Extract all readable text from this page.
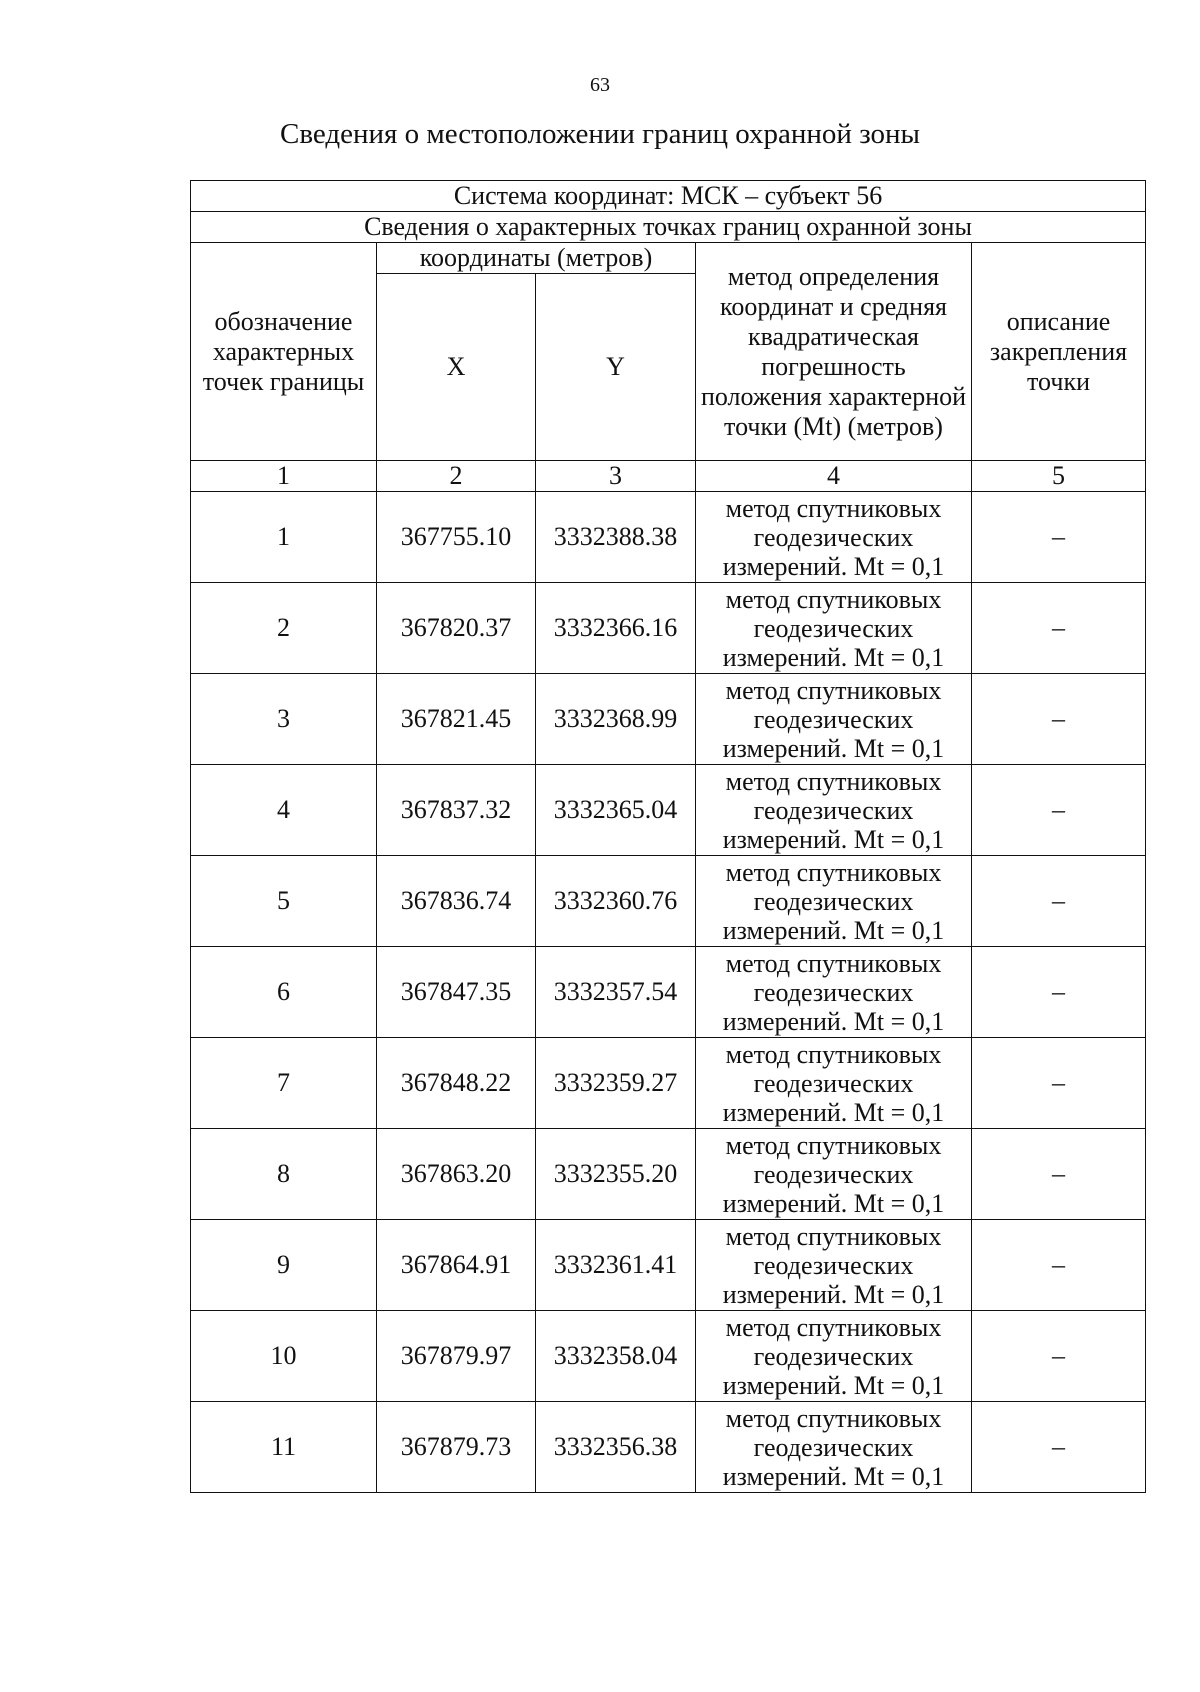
63
Сведения о местоположении границ охранной зоны
Система координат: МСК – субъект 56				
Сведения о характерных точках границ охранной зоны				
обозначение характерных точек границы	координаты (метров)		метод определения координат и средняя квадратическая погрешность положения характерной точки (Mt) (метров)	описание закрепления точки
	X	Y		
1	2	3	4	5
1	367755.10	3332388.38	метод спутниковых геодезических измерений. Mt = 0,1	–
2	367820.37	3332366.16	метод спутниковых геодезических измерений. Mt = 0,1	–
3	367821.45	3332368.99	метод спутниковых геодезических измерений. Mt = 0,1	–
4	367837.32	3332365.04	метод спутниковых геодезических измерений. Mt = 0,1	–
5	367836.74	3332360.76	метод спутниковых геодезических измерений. Mt = 0,1	–
6	367847.35	3332357.54	метод спутниковых геодезических измерений. Mt = 0,1	–
7	367848.22	3332359.27	метод спутниковых геодезических измерений. Mt = 0,1	–
8	367863.20	3332355.20	метод спутниковых геодезических измерений. Mt = 0,1	–
9	367864.91	3332361.41	метод спутниковых геодезических измерений. Mt = 0,1	–
10	367879.97	3332358.04	метод спутниковых геодезических измерений. Mt = 0,1	–
11	367879.73	3332356.38	метод спутниковых геодезических измерений. Mt = 0,1	–
